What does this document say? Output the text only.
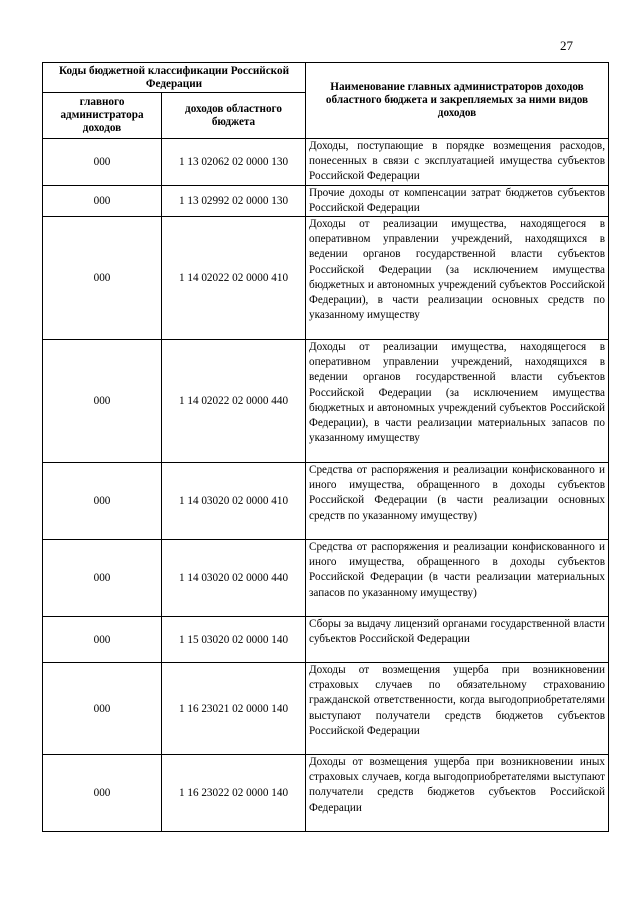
27
Коды бюджетной классификации Российской Федерации		Наименование главных администраторов доходов областного бюджета и закрепляемых за ними видов доходов
главного администратора доходов	доходов областного бюджета	
000	1 13 02062 02 0000 130	Доходы, поступающие в порядке возмещения расходов, понесенных в связи с эксплуатацией имущества субъектов Российской Федерации
000	1 13 02992 02 0000 130	Прочие доходы от компенсации затрат бюджетов субъектов Российской Федерации
000	1 14 02022 02 0000 410	Доходы от реализации имущества, находящегося в оперативном управлении учреждений, находящихся в ведении органов государственной власти субъектов Российской Федерации (за исключением имущества бюджетных и автономных учреждений субъектов Российской Федерации), в части реализации основных средств по указанному имуществу
000	1 14 02022 02 0000 440	Доходы от реализации имущества, находящегося в оперативном управлении учреждений, находящихся в ведении органов государственной власти субъектов Российской Федерации (за исключением имущества бюджетных и автономных учреждений субъектов Российской Федерации), в части реализации материальных запасов по указанному имуществу
000	1 14 03020 02 0000 410	Средства от распоряжения и реализации конфискованного и иного имущества, обращенного в доходы субъектов Российской Федерации (в части реализации основных средств по указанному имуществу)
000	1 14 03020 02 0000 440	Средства от распоряжения и реализации конфискованного и иного имущества, обращенного в доходы субъектов Российской Федерации (в части реализации материальных запасов по указанному имуществу)
000	1 15 03020 02 0000 140	Сборы за выдачу лицензий органами государственной власти субъектов Российской Федерации
000	1 16 23021 02 0000 140	Доходы от возмещения ущерба при возникновении страховых случаев по обязательному страхованию гражданской ответственности, когда выгодоприобретателями выступают получатели средств бюджетов субъектов Российской Федерации
000	1 16 23022 02 0000 140	Доходы от возмещения ущерба при возникновении иных страховых случаев, когда выгодоприобретателями выступают получатели средств бюджетов субъектов Российской Федерации
